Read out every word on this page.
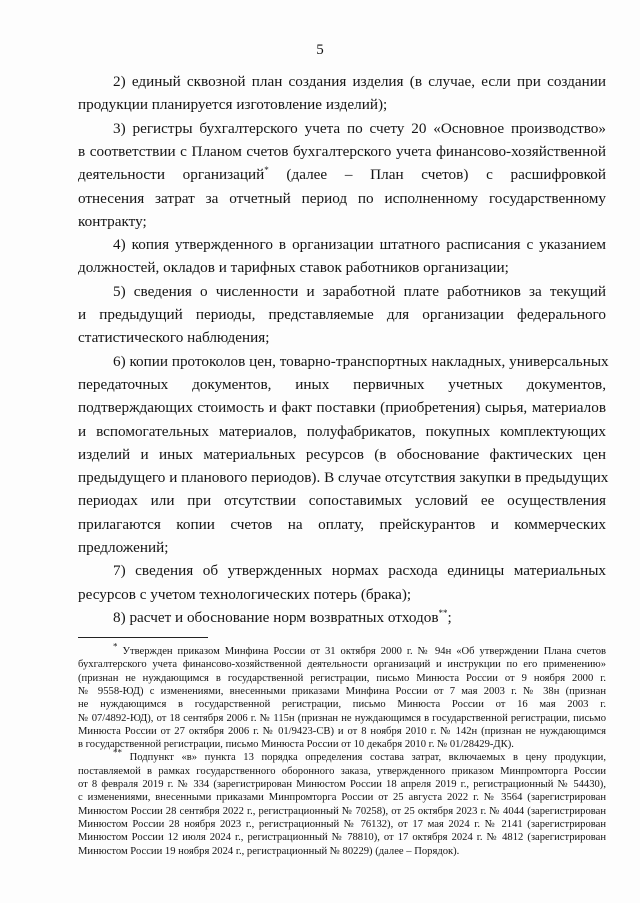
5
2) единый сквозной план создания изделия (в случае, если при создании
продукции планируется изготовление изделий);
3) регистры бухгалтерского учета по счету 20 «Основное производство»
в соответствии с Планом счетов бухгалтерского учета финансово-хозяйственной
деятельности организаций* (далее – План счетов) с расшифровкой
отнесения затрат за отчетный период по исполненному государственному
контракту;
4) копия утвержденного в организации штатного расписания с указанием
должностей, окладов и тарифных ставок работников организации;
5) сведения о численности и заработной плате работников за текущий
и предыдущий периоды, представляемые для организации федерального
статистического наблюдения;
6) копии протоколов цен, товарно-транспортных накладных, универсальных
передаточных документов, иных первичных учетных документов,
подтверждающих стоимость и факт поставки (приобретения) сырья, материалов
и вспомогательных материалов, полуфабрикатов, покупных комплектующих
изделий и иных материальных ресурсов (в обоснование фактических цен
предыдущего и планового периодов). В случае отсутствия закупки в предыдущих
периодах или при отсутствии сопоставимых условий ее осуществления
прилагаются копии счетов на оплату, прейскурантов и коммерческих
предложений;
7) сведения об утвержденных нормах расхода единицы материальных
ресурсов с учетом технологических потерь (брака);
8) расчет и обоснование норм возвратных отходов**;
* Утвержден приказом Минфина России от 31 октября 2000 г. № 94н «Об утверждении Плана счетов
бухгалтерского учета финансово-хозяйственной деятельности организаций и инструкции по его применению»
(признан не нуждающимся в государственной регистрации, письмо Минюста России от 9 ноября 2000 г.
№ 9558-ЮД) с изменениями, внесенными приказами Минфина России от 7 мая 2003 г. № 38н (признан
не нуждающимся в государственной регистрации, письмо Минюста России от 16 мая 2003 г.
№ 07/4892-ЮД), от 18 сентября 2006 г. № 115н (признан не нуждающимся в государственной регистрации, письмо
Минюста России от 27 октября 2006 г. № 01/9423-СВ) и от 8 ноября 2010 г. № 142н (признан не нуждающимся
в государственной регистрации, письмо Минюста России от 10 декабря 2010 г. № 01/28429-ДК).
** Подпункт «в» пункта 13 порядка определения состава затрат, включаемых в цену продукции,
поставляемой в рамках государственного оборонного заказа, утвержденного приказом Минпромторга России
от 8 февраля 2019 г. № 334 (зарегистрирован Минюстом России 18 апреля 2019 г., регистрационный № 54430),
с изменениями, внесенными приказами Минпромторга России от 25 августа 2022 г. № 3564 (зарегистрирован
Минюстом России 28 сентября 2022 г., регистрационный № 70258), от 25 октября 2023 г. № 4044 (зарегистрирован
Минюстом России 28 ноября 2023 г., регистрационный № 76132), от 17 мая 2024 г. № 2141 (зарегистрирован
Минюстом России 12 июля 2024 г., регистрационный № 78810), от 17 октября 2024 г. № 4812 (зарегистрирован
Минюстом России 19 ноября 2024 г., регистрационный № 80229) (далее – Порядок).
